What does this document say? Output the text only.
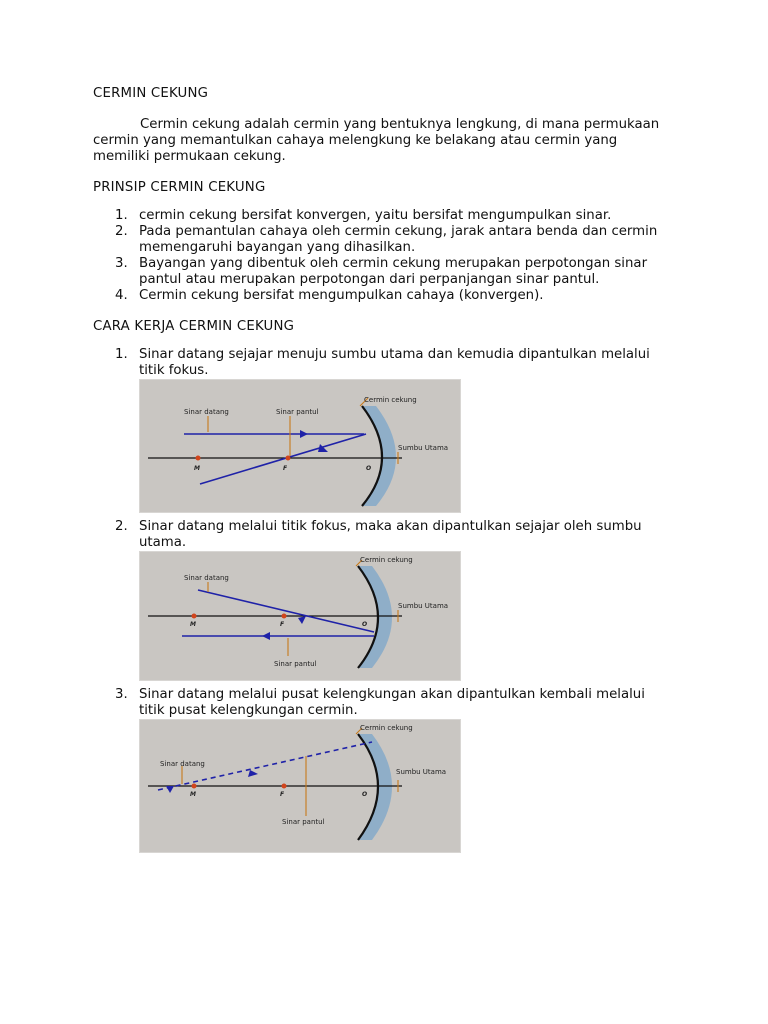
CERMIN CEKUNG

Cermin cekung adalah cermin yang bentuknya lengkung, di mana permukaan cermin yang memantulkan cahaya melengkung ke belakang atau cermin yang memiliki permukaan cekung.

PRINSIP CERMIN CEKUNG
1. cermin cekung bersifat konvergen, yaitu bersifat mengumpulkan sinar.
2. Pada pemantulan cahaya oleh cermin cekung, jarak antara benda dan cermin memengaruhi bayangan yang dihasilkan.
3. Bayangan yang dibentuk oleh cermin cekung merupakan perpotongan sinar pantul atau merupakan perpotongan dari perpanjangan sinar pantul.
4. Cermin cekung bersifat mengumpulkan cahaya (konvergen).
CARA KERJA CERMIN CEKUNG
1. Sinar datang sejajar menuju sumbu utama dan kemudia dipantulkan melalui titik fokus.
Sinar datang	Sinar pantul
Cermin cekung
Sumbu Utama
M	F	O
2. Sinar datang melalui titik fokus, maka akan dipantulkan sejajar oleh sumbu utama.
Sinar datang
Sinar pantul
Cermin cekung
Sumbu Utama
M	F	O
3. Sinar datang melalui pusat kelengkungan akan dipantulkan kembali melalui titik pusat kelengkungan cermin.
Sinar datang
Sinar pantul
Cermin cekung
Sumbu Utama
M	F	O
